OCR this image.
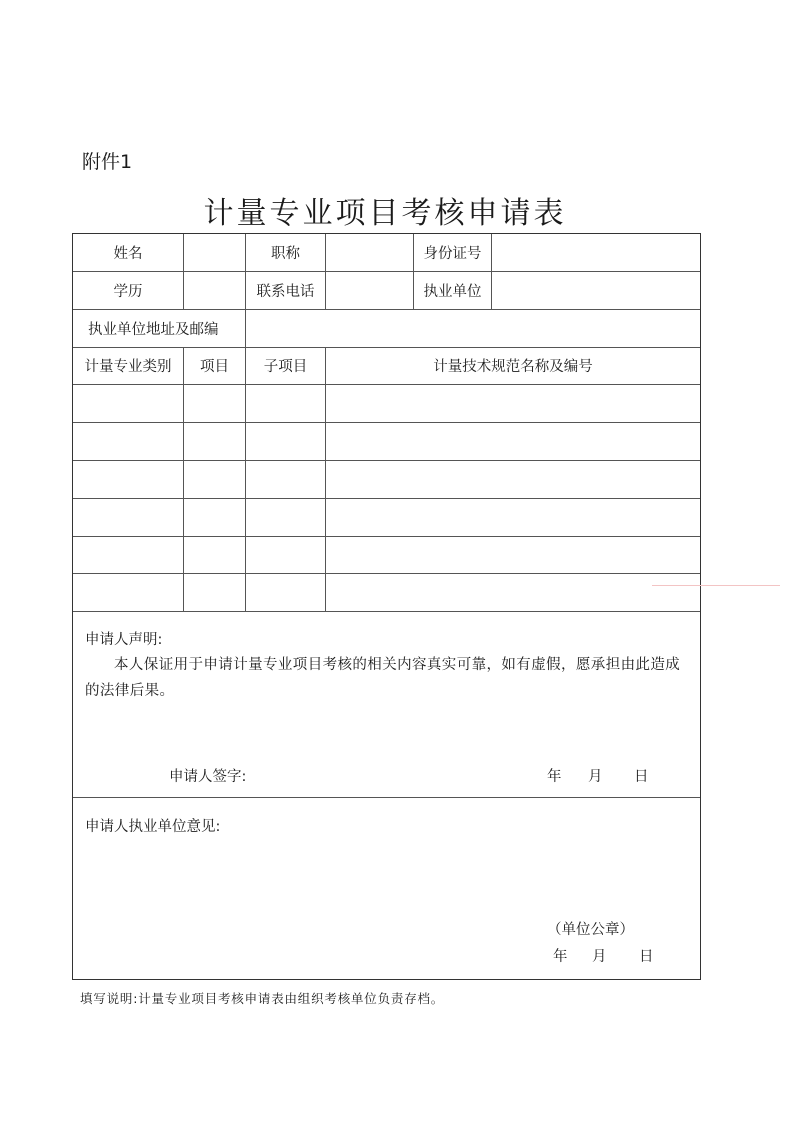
附件1
计量专业项目考核申请表
姓名	职称	身份证号
学历	联系电话	执业单位
执业单位地址及邮编
计量专业类别	项目	子项目	计量技术规范名称及编号
申请人声明:
本人保证用于申请计量专业项目考核的相关内容真实可靠，如有虚假，愿承担由此造成的法律后果。
申请人签字:	年 月 日
申请人执业单位意见:
（单位公章）
年 月 日
填写说明:计量专业项目考核申请表由组织考核单位负责存档。
